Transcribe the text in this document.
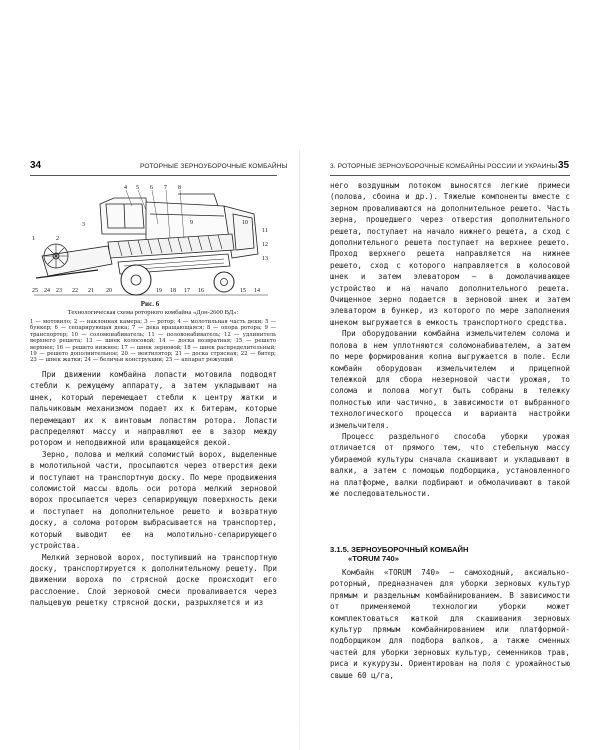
34	РОТОРНЫЕ ЗЕРНОУБОРОЧНЫЕ КОМБАЙНЫ
4 5 6 7 8
3
1	2
9	10
11
12
13
25 24 23 22 21 20	19 18 17 16	15 14
Рис. 6
Технологическая схема роторного комбайна «Дон-2600 ВД»:
1 — мотовило; 2 — наклонная камера; 3 — ротор; 4 — молотильная часть деки; 5 — бункер; 6 — сепарирующая дека; 7 — дека вращающаяся; 8 — опора ротора; 9 — транспортер; 10 — соломонабиватель; 11 — половонабиватель; 12 — удлинитель верхнего решета; 13 — шнек колосовой; 14 — доска возвратная; 15 — решето верхнее; 16 — решето нижнее; 17 — шнек зерновой; 18 — шнек распределительный; 19 — решето дополнительное; 20 — вентилятор; 21 — доска стрясная; 22 — битер; 23 — шнек жатки; 24 — беличьи конструкции; 25 — аппарат режущий

При движении комбайна лопасти мотовила подводят стебли к режущему аппарату, а затем укладывают на шнек, который перемещает стебли к центру жатки и пальчиковым механизмом подает их к битерам, которые перемещают их к винтовым лопастям ротора. Лопасти распределяют массу и направляют ее в зазор между ротором и неподвижной или вращающейся декой.

Зерно, полова и мелкий соломистый ворох, выделенные в молотильной части, просыпаются через отверстия деки и поступают на транспортную доску. По мере продвижения соломистой массы вдоль оси ротора мелкий зерновой ворох просыпается через сепарирующую поверхность деки и поступает на дополнительное решето и возвратную доску, а солома ротором выбрасывается на транспортер, который выводит ее на молотильно-сепарирующего устройства.

Мелкий зерновой ворох, поступивший на транспортную доску, транспортируется к дополнительному решету. При движении вороха по стрясной доске происходит его расслоение. Слой зерновой смеси проваливается через пальцевую решетку стрясной доски, разрыхляется и из

35
3. РОТОРНЫЕ ЗЕРНОУБОРОЧНЫЕ КОМБАЙНЫ РОССИИ И УКРАИНЫ

него воздушным потоком выносятся легкие примеси (полова, сбоина и др.). Тяжелые компоненты вместе с зерном проваливаются на дополнительное решето. Часть зерна, прошедшего через отверстия дополнительного решета, поступает на начало нижнего решета, а сход с дополнительного решета поступает на верхнее решето. Проход верхнего решета направляется на нижнее решето, сход с которого направляется в колосовой шнек и затем элеватором — в домолачивающее устройство и на начало дополнительного решета. Очищенное зерно подается в зерновой шнек и затем элеватором в бункер, из которого по мере заполнения шнеком выгружается в емкость транспортного средства.

При оборудовании комбайна измельчителем солома и полова в нем уплотняются соломонабивателем, а затем по мере формирования копна выгружается в поле. Если комбайн оборудован измельчителем и прицепной тележкой для сбора незерновой части урожая, то солома и полова могут быть собраны в тележку полностью или частично, в зависимости от выбранного технологического процесса и варианта настройки измельчителя.

Процесс раздельного способа уборки урожая отличается от прямого тем, что стебельную массу убираемой культуры сначала скашивают и укладывают в валки, а затем с помощью подборщика, установленного на платформе, валки подбирают и обмолачивают в такой же последовательности.

3.1.5. ЗЕРНОУБОРОЧНЫЙ КОМБАЙН
«TORUM 740»

Комбайн «TORUM 740» — самоходный, аксиально-роторный, предназначен для уборки зерновых культур прямым и раздельным комбайнированием. В зависимости от применяемой технологии уборки может комплектоваться жаткой для скашивания зерновых культур прямым комбайнированием или платформой-подборщиком для подбора валков, а также сменных частей для уборки зерновых культур, семенников трав, риса и кукурузы. Ориентирован на поля с урожайностью свыше 60 ц/га,
